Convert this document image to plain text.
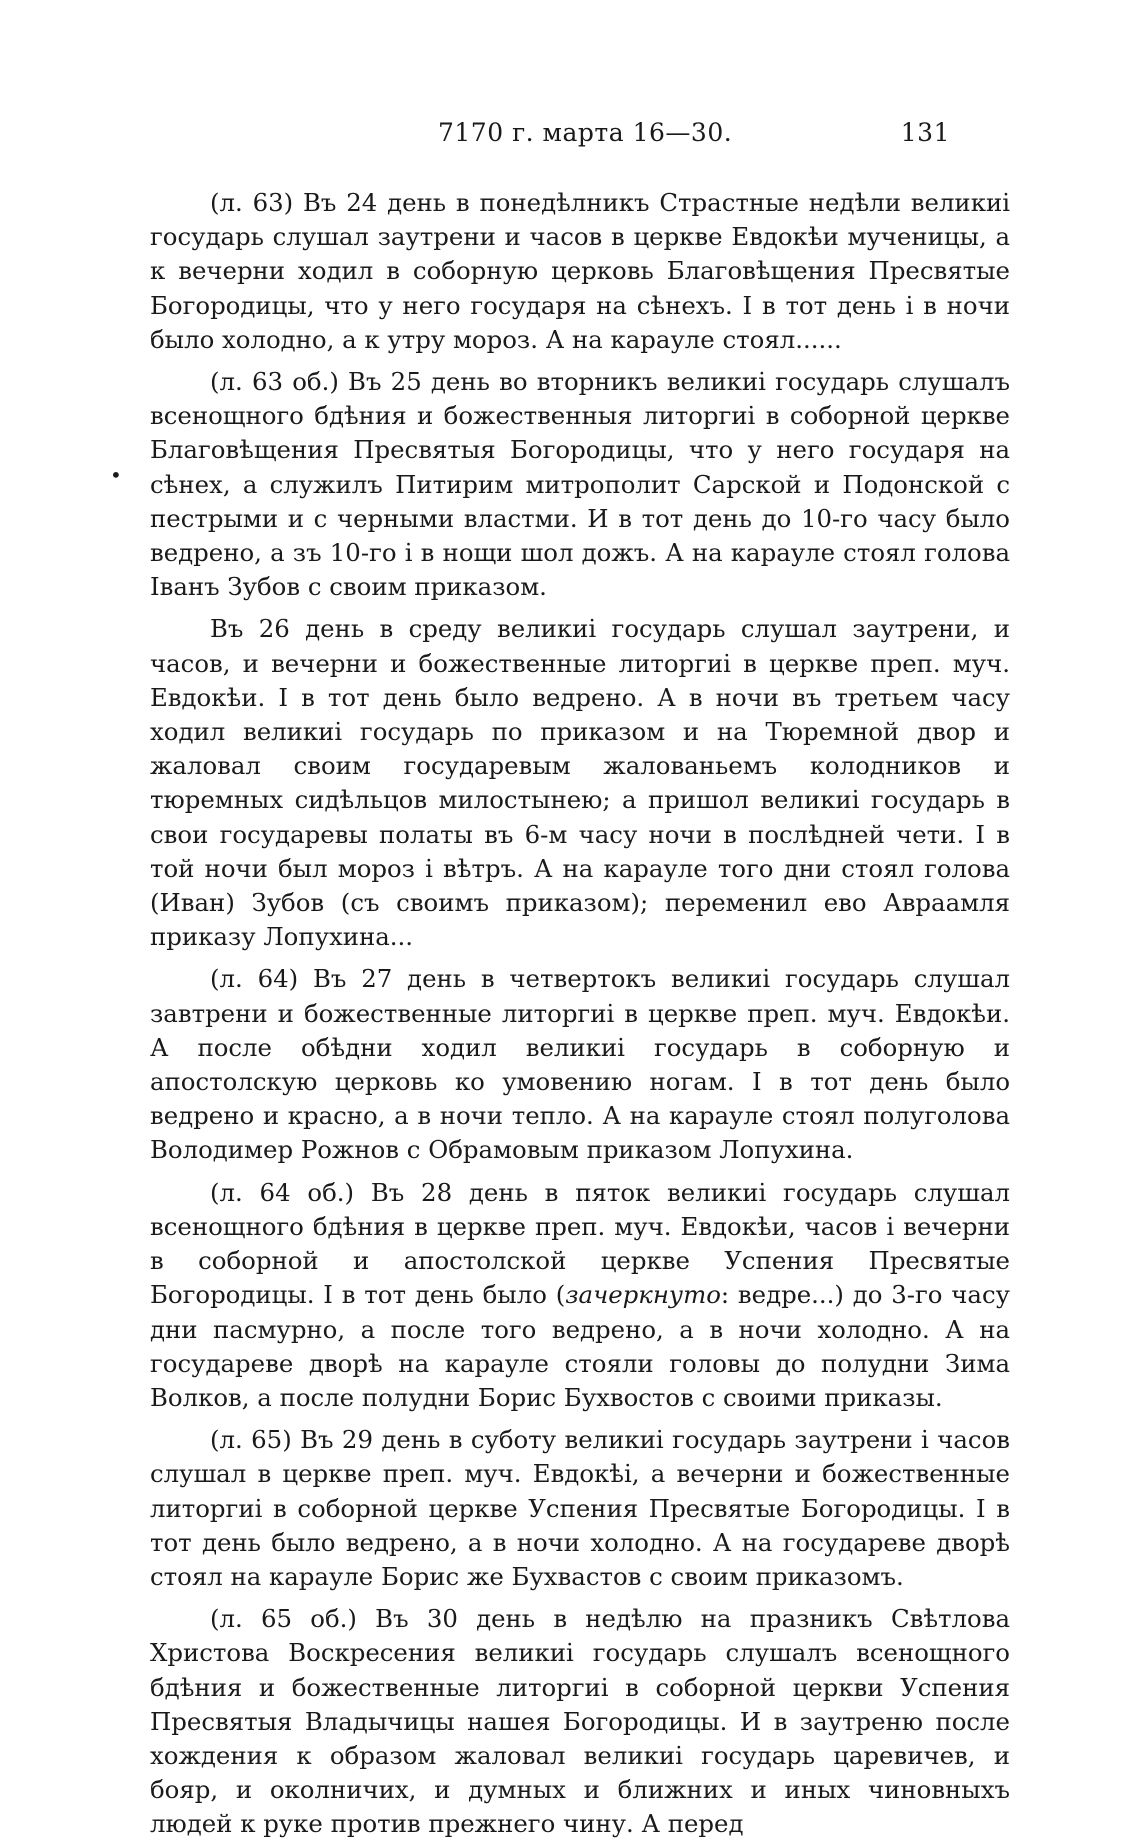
7170 г. марта 16—30.	131

(л. 63) Въ 24 день в понедѣлникъ Страстные недѣли великиі государь слушал заутрени и часов в церкве Евдокѣи мученицы, а к вечерни ходил в соборную церковь Благовѣщения Пресвятые Богородицы, что у него государя на сѣнехъ. І в тот день і в ночи было холодно, а к утру мороз. А на карауле стоял......

(л. 63 об.) Въ 25 день во вторникъ великиі государь слушалъ всенощного бдѣния и божественныя литоргиі в соборной церкве Благовѣщения Пресвятыя Богородицы, что у него государя на сѣнех, а служилъ Питирим митрополит Сарской и Подонской с пестрыми и с черными властми. И в тот день до 10-го часу было ведрено, а зъ 10-го і в нощи шол дожъ. А на карауле стоял голова Іванъ Зубов с своим приказом.

Въ 26 день в среду великиі государь слушал заутрени, и часов, и вечерни и божественные литоргиі в церкве преп. муч. Евдокѣи. І в тот день было ведрено. А в ночи въ третьем часу ходил великиі государь по приказом и на Тюремной двор и жаловал своим государевым жалованьемъ колодников и тюремных сидѣльцов милостынею; а пришол великиі государь в свои государевы полаты въ 6-м часу ночи в послѣдней чети. І в той ночи был мороз і вѣтръ. А на карауле того дни стоял голова (Иван) Зубов (съ своимъ приказом); переменил ево Авраамля приказу Лопухина...

(л. 64) Въ 27 день в четвертокъ великиі государь слушал завтрени и божественные литоргиі в церкве преп. муч. Евдокѣи. А после обѣдни ходил великиі государь в соборную и апостолскую церковь ко умовению ногам. І в тот день было ведрено и красно, а в ночи тепло. А на карауле стоял полуголова Володимер Рожнов с Обрамовым приказом Лопухина.

(л. 64 об.) Въ 28 день в пяток великиі государь слушал всенощного бдѣния в церкве преп. муч. Евдокѣи, часов і вечерни в соборной и апостолской церкве Успения Пресвятые Богородицы. І в тот день было (зачеркнуто: ведре...) до 3-го часу дни пасмурно, а после того ведрено, а в ночи холодно. А на государеве дворѣ на карауле стояли головы до полудни Зима Волков, а после полудни Борис Бухвостов с своими приказы.

(л. 65) Въ 29 день в суботу великиі государь заутрени і часов слушал в церкве преп. муч. Евдокѣі, а вечерни и божественные литоргиі в соборной церкве Успения Пресвятые Богородицы. І в тот день было ведрено, а в ночи холодно. А на государеве дворѣ стоял на карауле Борис же Бухвастов с своим приказомъ.

(л. 65 об.) Въ 30 день в недѣлю на празникъ Свѣтлова Христова Воскресения великиі государь слушалъ всенощного бдѣния и божественные литоргиі в соборной церкви Успения Пресвятыя Владычицы нашея Богородицы. И в заутреню после хождения к образом жаловал великиі государь царевичев, и бояр, и околничих, и думных и ближних и иных чиновныхъ людей к руке против прежнего чину. А перед

•
